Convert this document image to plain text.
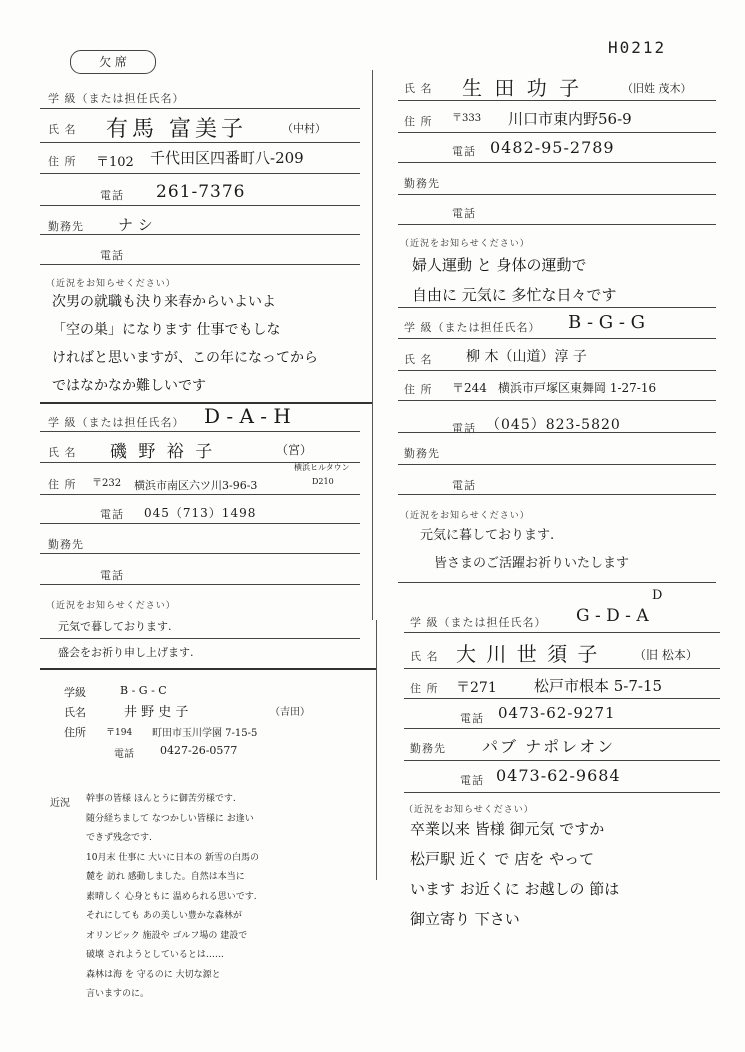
H0212
欠 席
学 級（または担任氏名）
氏 名 有馬 富美子	（中村）
住 所 〒102 千代田区四番町八-209
電話 261-7376
勤務先 ナ シ
電話
（近況をお知らせください）
次男の就職も決り来春からいよいよ
「空の巣」になります 仕事でもしな
ければと思いますが、この年になってから
ではなかなか難しいです
学 級（または担任氏名） D - A - H
氏 名 磯 野 裕 子	（宮）
住 所 〒232 横浜市南区六ツ川3-96-3
横浜ヒルタウン
D210
電話 045（713）1498
勤務先
電話
（近況をお知らせください）
元気で暮しております.
盛会をお祈り申し上げます.
学級	B - G - C
氏名	井 野 史 子	（吉田）
住所 〒194 町田市玉川学園 7-15-5
電話 0427-26-0577
近況 幹事の皆様 ほんとうに御苦労様です.
随分経ちまして なつかしい皆様に お逢い
できず残念です.
10月末 仕事に 大いに日本の 新雪の白馬の
麓を 訪れ 感動しました。自然は本当に
素晴しく 心身ともに 温められる思いです.
それにしても あの美しい豊かな森林が
オリンピック 施設や ゴルフ場の 建設で
破壊 されようとしているとは……
森林は海 を 守るのに 大切な源と
言いますのに。
氏 名 生 田 功 子	（旧姓 茂木）
住 所 〒333 川口市東内野56-9
電話 0482-95-2789
勤務先
電話
（近況をお知らせください）
婦人運動 と 身体の運動で
自由に 元気に 多忙な日々です
学 級（または担任氏名） B - G - G
氏 名 柳 木（山道）淳 子
住 所 〒244 横浜市戸塚区東舞岡 1-27-16
電話 （045）823-5820
勤務先
電話
（近況をお知らせください）
元気に暮しております.
皆さまのご活躍お祈りいたします
学 級（または担任氏名） G - D - A
D
氏 名 大 川 世 須 子	（旧 松本）
住 所 〒271 松戸市根本 5-7-15
電話 0473-62-9271
勤務先 パブ ナポレオン
電話 0473-62-9684
（近況をお知らせください）
卒業以来 皆様 御元気 ですか
松戸駅 近く で 店を やって
います お近くに お越しの 節は
御立寄り 下さい
